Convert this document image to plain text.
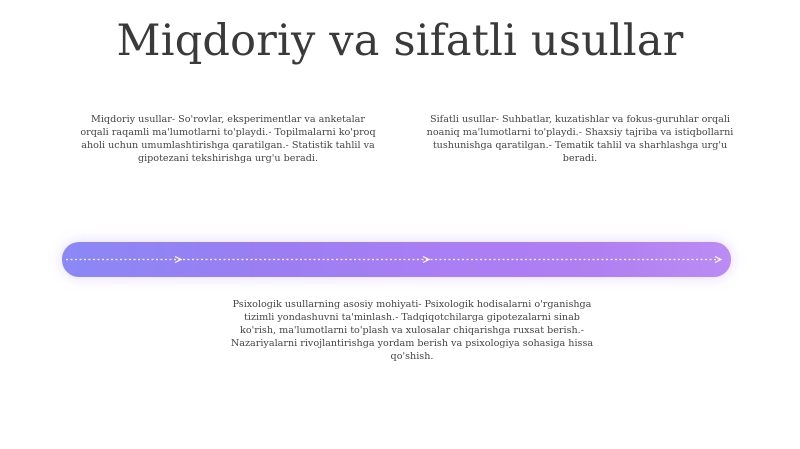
Miqdoriy va sifatli usullar

Miqdoriy usullar- So'rovlar, eksperimentlar va anketalar orqali raqamli ma'lumotlarni to'playdi.- Topilmalarni ko'proq aholi uchun umumlashtirishga qaratilgan.- Statistik tahlil va gipotezani tekshirishga urg'u beradi.

Sifatli usullar- Suhbatlar, kuzatishlar va fokus-guruhlar orqali noaniq ma'lumotlarni to'playdi.- Shaxsiy tajriba va istiqbollarni tushunishga qaratilgan.- Tematik tahlil va sharhlashga urg'u beradi.

Psixologik usullarning asosiy mohiyati- Psixologik hodisalarni o'rganishga tizimli yondashuvni ta'minlash.- Tadqiqotchilarga gipotezalarni sinab ko'rish, ma'lumotlarni to'plash va xulosalar chiqarishga ruxsat berish.- Nazariyalarni rivojlantirishga yordam berish va psixologiya sohasiga hissa qo'shish.
